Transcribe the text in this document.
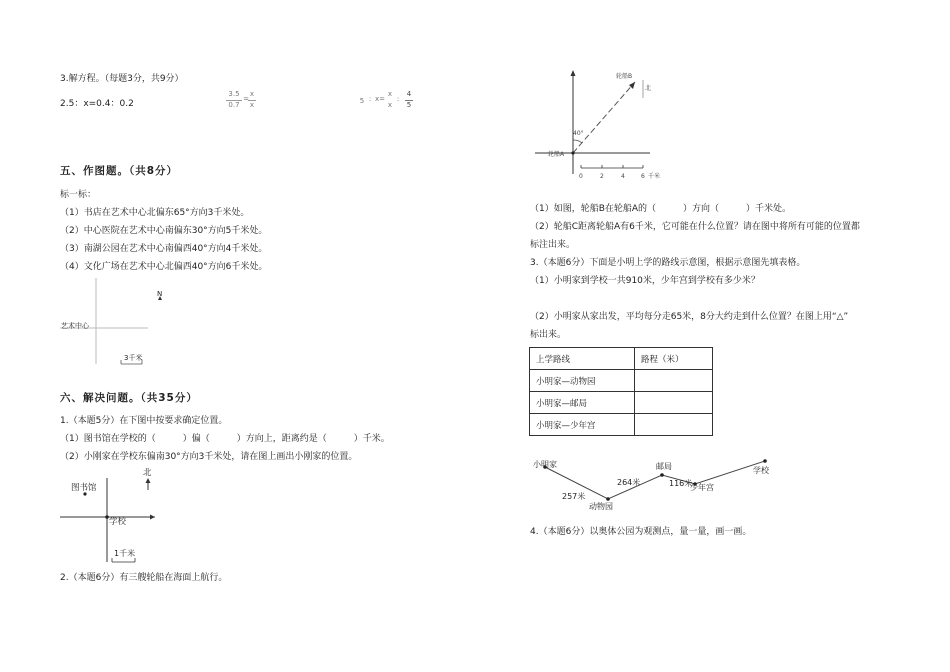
3.解方程。（每题3分，共9分）
2.5：x=0.4：0.2
3.5
0.7
=
x
x	5 : x=
x
x
:
4
5
五、作图题。（共8分）
标一标：
（1）书店在艺术中心北偏东65°方向3千米处。
（2）中心医院在艺术中心南偏东30°方向5千米处。
（3）南湖公园在艺术中心南偏西40°方向4千米处。
（4）文化广场在艺术中心北偏西40°方向6千米处。
艺术中心
N
3千米
六、解决问题。（共35分）
1.（本题5分）在下图中按要求确定位置。
（1）图书馆在学校的（　　　）偏（　　　）方向上，距离约是（　　　）千米。
（2）小刚家在学校东偏南30°方向3千米处，请在图上画出小刚家的位置。
图书馆
学校
北
1千米
2.（本题6分）有三艘轮船在海面上航行。
轮船B
北
轮船A
40°
0	2	4	6 千米
（1）如图，轮船B在轮船A的（　　　）方向（　　　）千米处。
（2）轮船C距离轮船A有6千米，它可能在什么位置？请在图中将所有可能的位置都
标注出来。
3.（本题6分）下面是小明上学的路线示意图，根据示意图先填表格。
（1）小明家到学校一共910米，少年宫到学校有多少米？
（2）小明家从家出发，平均每分走65米，8分大约走到什么位置？在图上用“△”
标出来。
上学路线	路程（米）
小明家—动物园	
小明家—邮局	
小明家—少年宫	
小明家
动物园
邮局
少年宫
学校
257米
264米	116米
4.（本题6分）以奥体公园为观测点，量一量，画一画。
